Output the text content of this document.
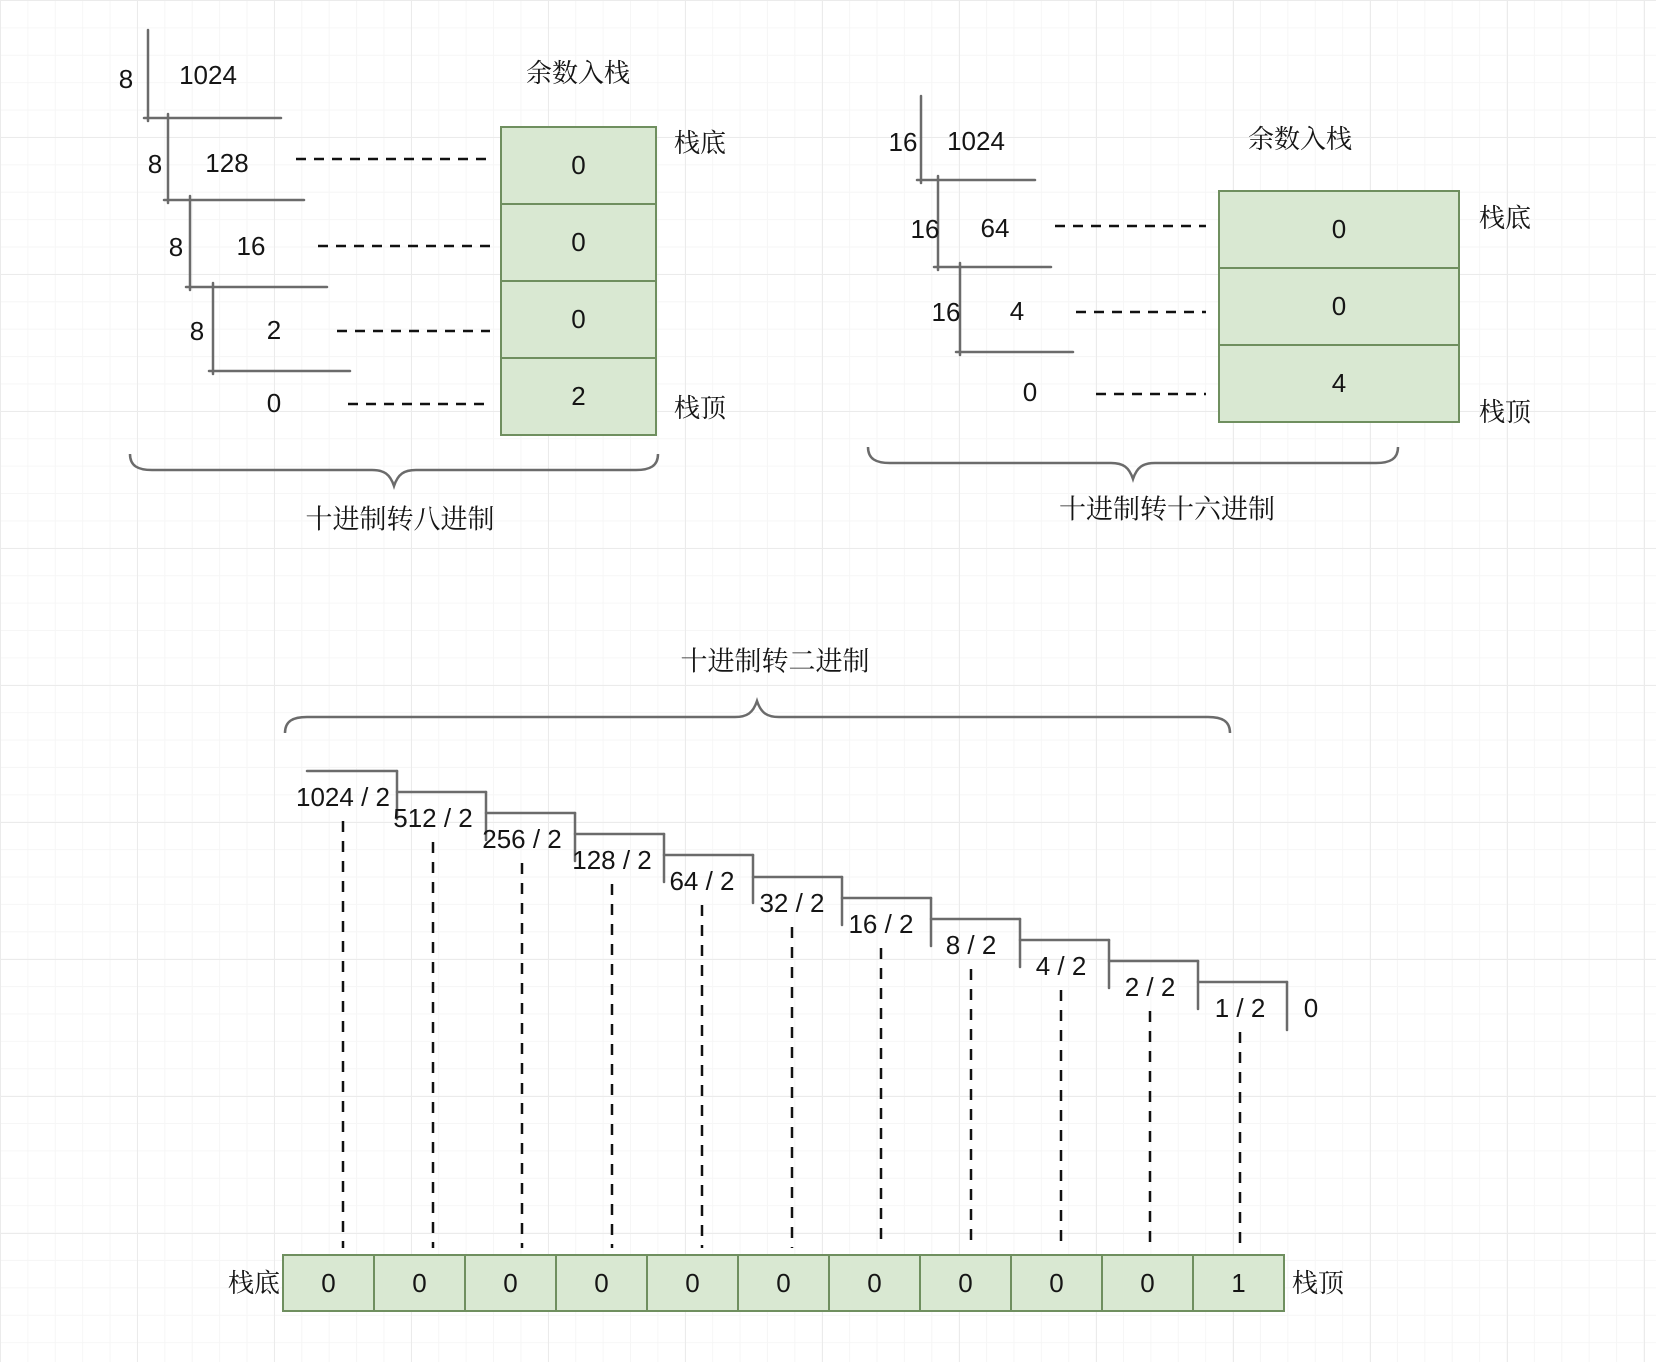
8 1024
8 128
8 16
8 2
0
余数入栈
0
0
0
2
栈底
栈顶
十进制转八进制
16 1024
16 64
16 4
0
余数入栈
0
0
4
栈底
栈顶
十进制转十六进制
十进制转二进制
1024 / 2
512 / 2
256 / 2
128 / 2
64 / 2
32 / 2
16 / 2
8 / 2
4 / 2
2 / 2
1 / 2 0
栈底	0	0	0	0	0	0	0	0	0	0	1	栈顶
